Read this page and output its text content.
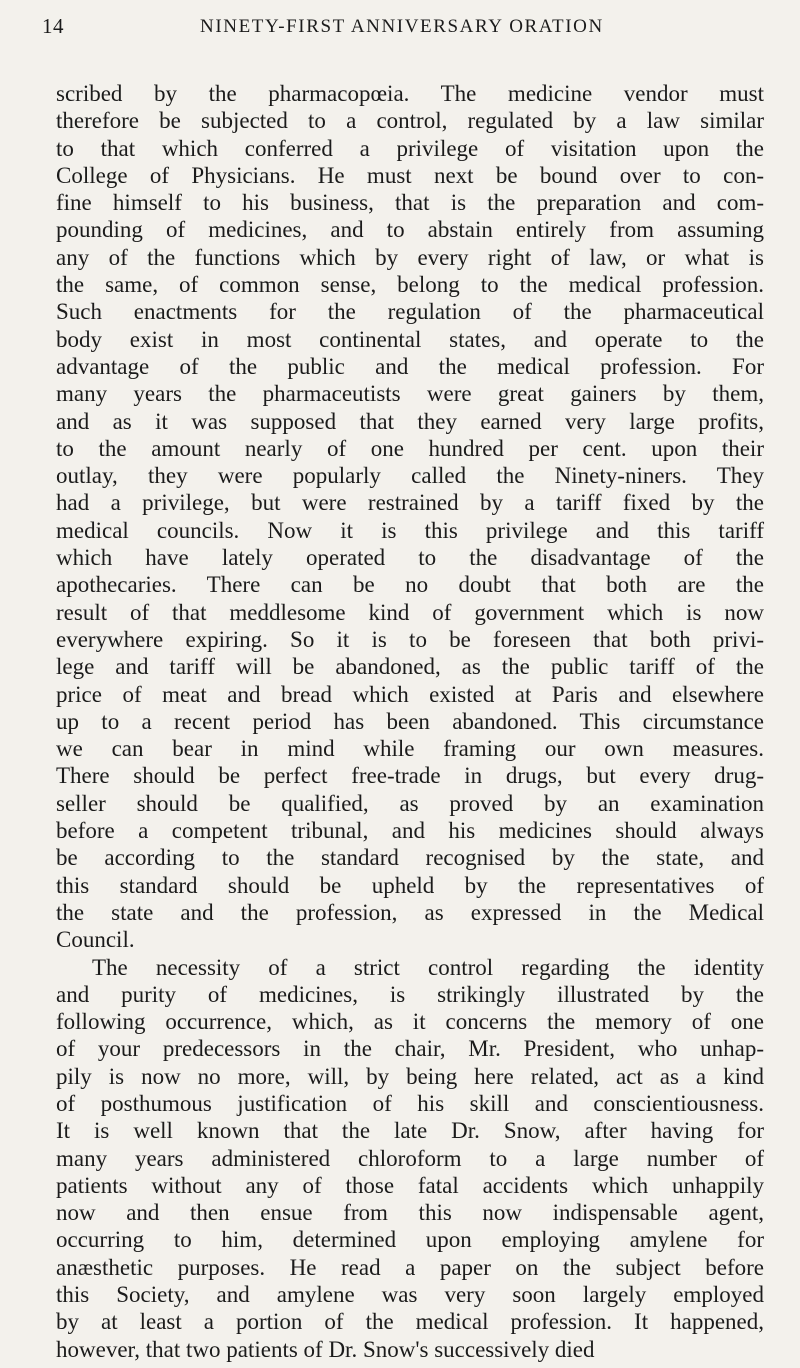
14	NINETY-FIRST ANNIVERSARY ORATION
scribed by the pharmacopœia. The medicine vendor must
therefore be subjected to a control, regulated by a law similar
to that which conferred a privilege of visitation upon the
College of Physicians. He must next be bound over to con-
fine himself to his business, that is the preparation and com-
pounding of medicines, and to abstain entirely from assuming
any of the functions which by every right of law, or what is
the same, of common sense, belong to the medical profession.
Such enactments for the regulation of the pharmaceutical
body exist in most continental states, and operate to the
advantage of the public and the medical profession. For
many years the pharmaceutists were great gainers by them,
and as it was supposed that they earned very large profits,
to the amount nearly of one hundred per cent. upon their
outlay, they were popularly called the Ninety-niners. They
had a privilege, but were restrained by a tariff fixed by the
medical councils. Now it is this privilege and this tariff
which have lately operated to the disadvantage of the
apothecaries. There can be no doubt that both are the
result of that meddlesome kind of government which is now
everywhere expiring. So it is to be foreseen that both privi-
lege and tariff will be abandoned, as the public tariff of the
price of meat and bread which existed at Paris and elsewhere
up to a recent period has been abandoned. This circumstance
we can bear in mind while framing our own measures.
There should be perfect free-trade in drugs, but every drug-
seller should be qualified, as proved by an examination
before a competent tribunal, and his medicines should always
be according to the standard recognised by the state, and
this standard should be upheld by the representatives of
the state and the profession, as expressed in the Medical
Council.
The necessity of a strict control regarding the identity
and purity of medicines, is strikingly illustrated by the
following occurrence, which, as it concerns the memory of one
of your predecessors in the chair, Mr. President, who unhap-
pily is now no more, will, by being here related, act as a kind
of posthumous justification of his skill and conscientiousness.
It is well known that the late Dr. Snow, after having for
many years administered chloroform to a large number of
patients without any of those fatal accidents which unhappily
now and then ensue from this now indispensable agent,
occurring to him, determined upon employing amylene for
anæsthetic purposes. He read a paper on the subject before
this Society, and amylene was very soon largely employed
by at least a portion of the medical profession. It happened,
however, that two patients of Dr. Snow's successively died
